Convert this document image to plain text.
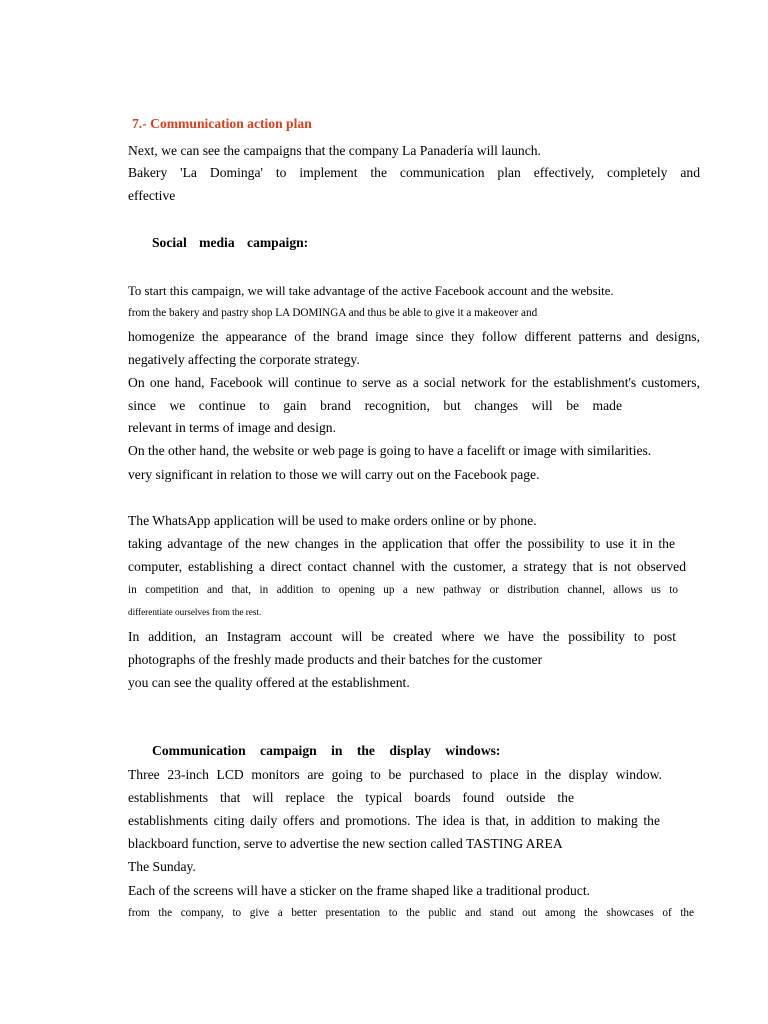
7.- Communication action plan
Next, we can see the campaigns that the company La Panadería will launch.
Bakery 'La Dominga' to implement the communication plan effectively, completely and
effective
Social media campaign:
To start this campaign, we will take advantage of the active Facebook account and the website.
from the bakery and pastry shop LA DOMINGA and thus be able to give it a makeover and
homogenize the appearance of the brand image since they follow different patterns and designs,
negatively affecting the corporate strategy.
On one hand, Facebook will continue to serve as a social network for the establishment's customers,
since we continue to gain brand recognition, but changes will be made
relevant in terms of image and design.
On the other hand, the website or web page is going to have a facelift or image with similarities.
very significant in relation to those we will carry out on the Facebook page.
The WhatsApp application will be used to make orders online or by phone.
taking advantage of the new changes in the application that offer the possibility to use it in the
computer, establishing a direct contact channel with the customer, a strategy that is not observed
in competition and that, in addition to opening up a new pathway or distribution channel, allows us to
differentiate ourselves from the rest.
In addition, an Instagram account will be created where we have the possibility to post
photographs of the freshly made products and their batches for the customer
you can see the quality offered at the establishment.
Communication campaign in the display windows:
Three 23-inch LCD monitors are going to be purchased to place in the display window.
establishments that will replace the typical boards found outside the
establishments citing daily offers and promotions. The idea is that, in addition to making the
blackboard function, serve to advertise the new section called TASTING AREA
The Sunday.
Each of the screens will have a sticker on the frame shaped like a traditional product.
from the company, to give a better presentation to the public and stand out among the showcases of the
